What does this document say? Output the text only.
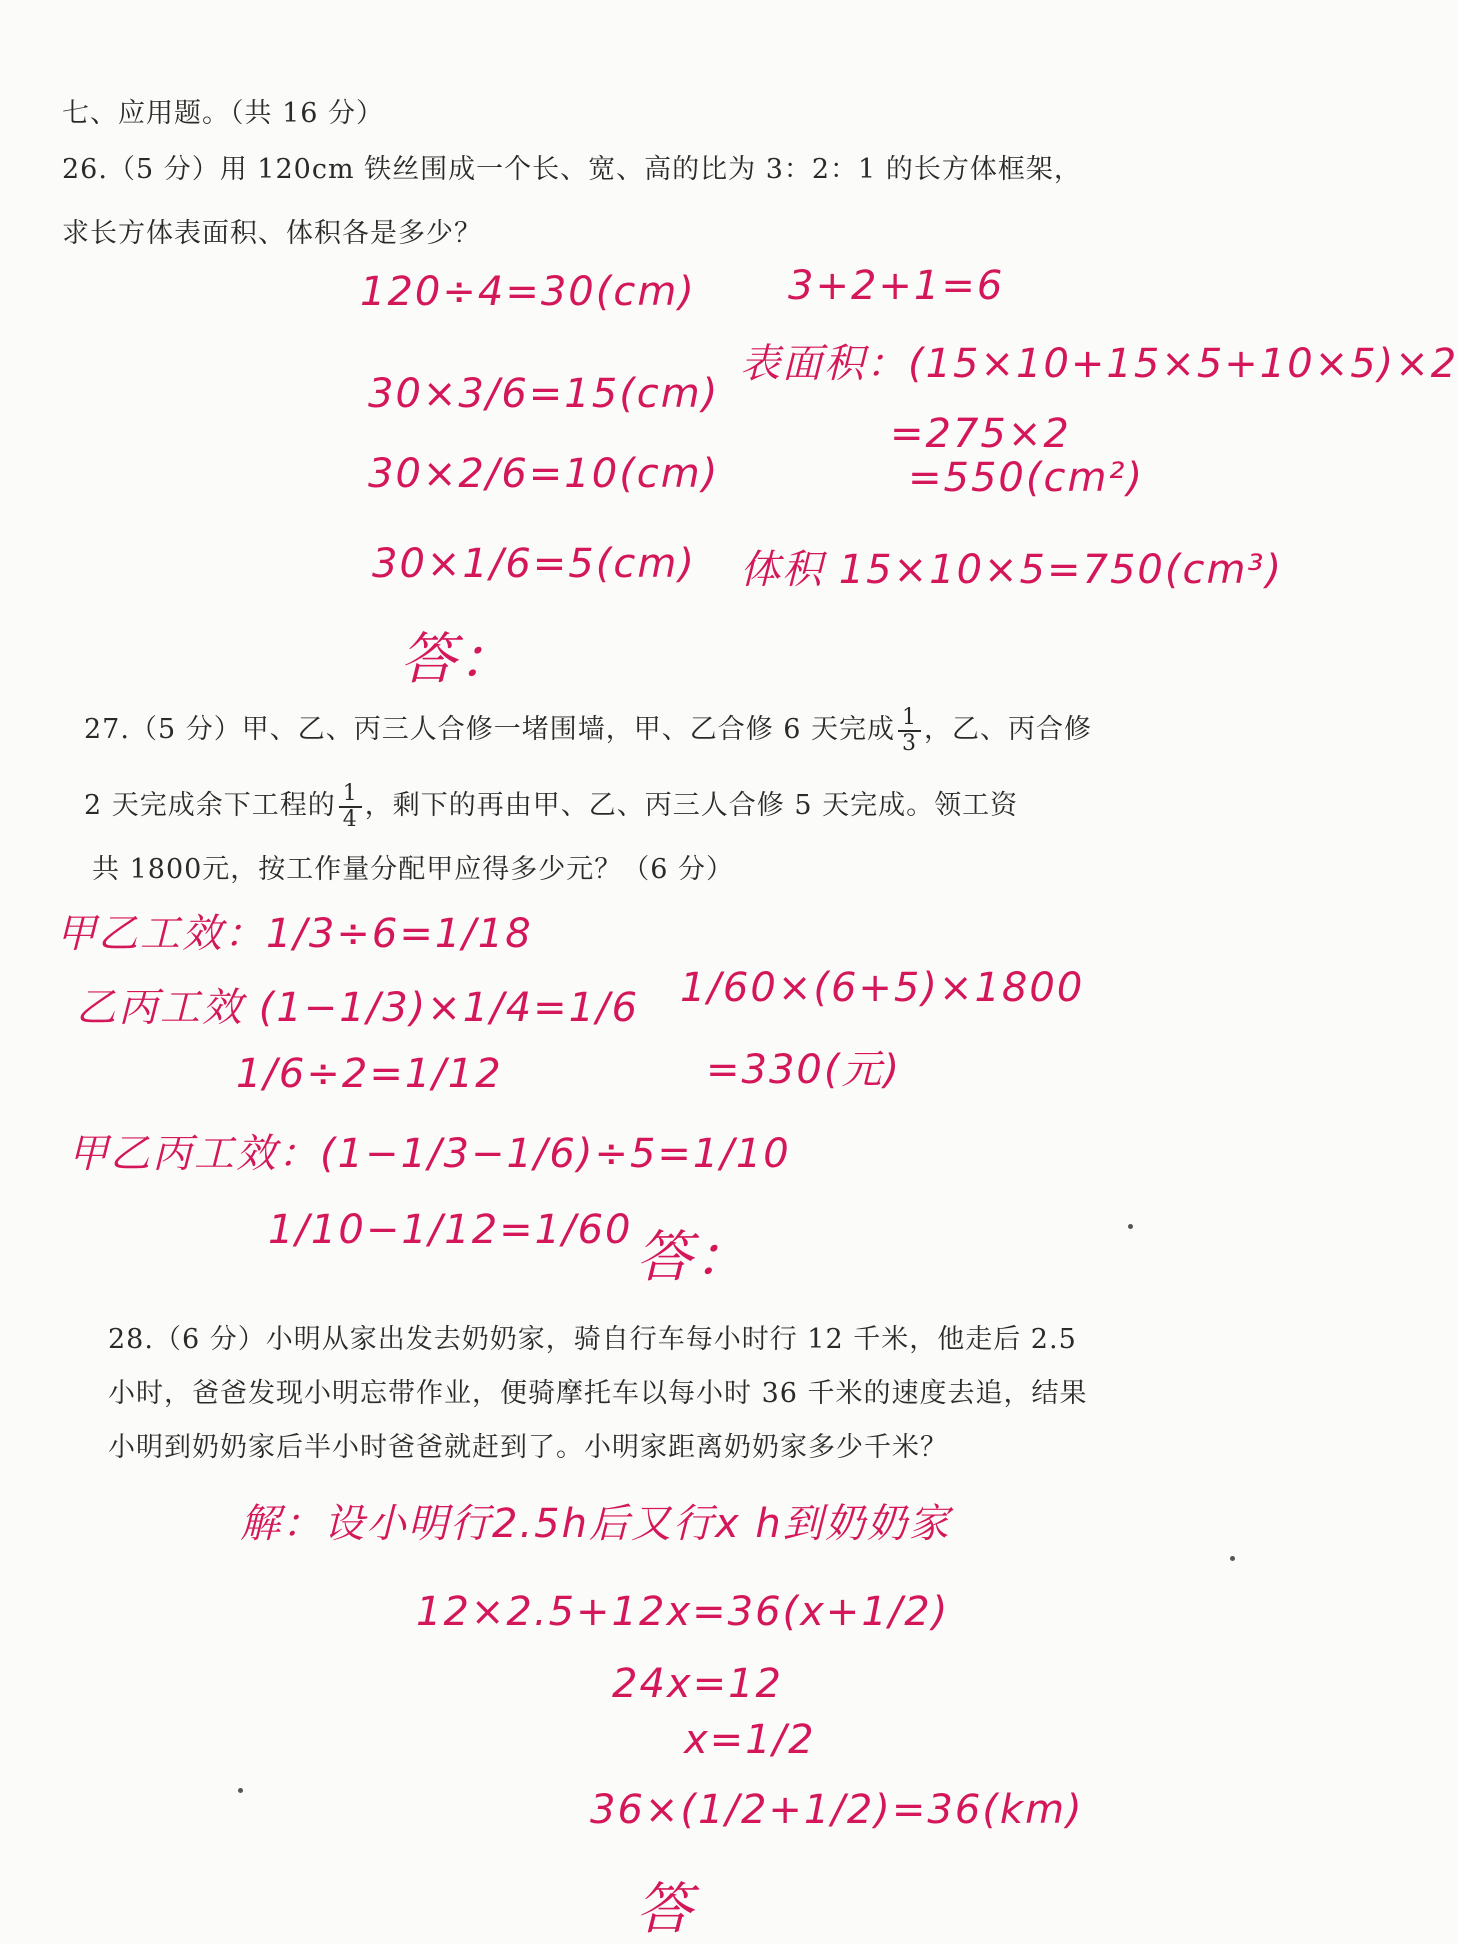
七、应用题。（共 16 分）
26.（5 分）用 120cm 铁丝围成一个长、宽、高的比为 3：2：1 的长方体框架，
求长方体表面积、体积各是多少？
120÷4=30(cm) 3+2+1=6
30×3/6=15(cm)
表面积：(15×10+15×5+10×5)×2
=275×2
30×2/6=10(cm)	=550(cm²)
30×1/6=5(cm) 体积 15×10×5=750(cm³)
答：
27.（5 分）甲、乙、丙三人合修一堵围墙，甲、乙合修 6 天完成 $\frac{1}{3}$ ，乙、丙合修
2 天完成余下工程的 $\frac{1}{4}$ ，剩下的再由甲、乙、丙三人合修 5 天完成。领工资
共 1800元，按工作量分配甲应得多少元？（6 分）
甲乙工效：1/3÷6=1/18
乙丙工效 (1−1/3)×1/4=1/6
1/6÷2=1/12
甲乙丙工效：(1−1/3−1/6)÷5=1/10
1/10−1/12=1/60
1/60×(6+5)×1800
=330(元)
答：
28.（6 分）小明从家出发去奶奶家，骑自行车每小时行 12 千米，他走后 2.5
小时，爸爸发现小明忘带作业，便骑摩托车以每小时 36 千米的速度去追，结果
小明到奶奶家后半小时爸爸就赶到了。小明家距离奶奶家多少千米？
解：设小明行2.5h后又行x h到奶奶家
12×2.5+12x=36(x+1/2)
24x=12
x=1/2
36×(1/2+1/2)=36(km)
答
